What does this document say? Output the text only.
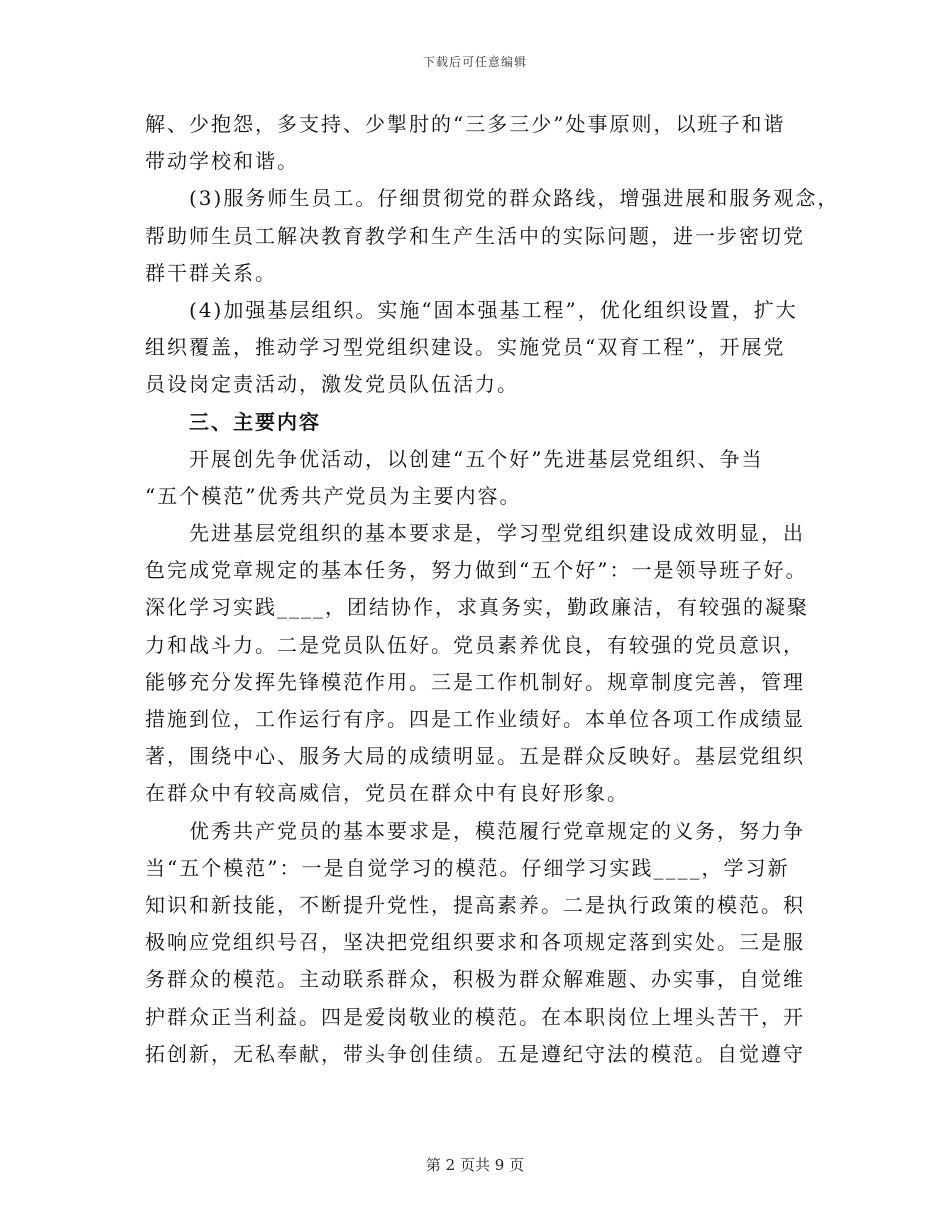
下载后可任意编辑
解、少抱怨，多支持、少掣肘的“三多三少”处事原则，以班子和谐
带动学校和谐。
(3)服务师生员工。仔细贯彻党的群众路线，增强进展和服务观念，
帮助师生员工解决教育教学和生产生活中的实际问题，进一步密切党
群干群关系。
(4)加强基层组织。实施“固本强基工程”，优化组织设置，扩大
组织覆盖，推动学习型党组织建设。实施党员“双育工程”，开展党
员设岗定责活动，激发党员队伍活力。
三、主要内容
开展创先争优活动，以创建“五个好”先进基层党组织、争当
“五个模范”优秀共产党员为主要内容。
先进基层党组织的基本要求是，学习型党组织建设成效明显，出
色完成党章规定的基本任务，努力做到“五个好”：一是领导班子好。
深化学习实践____，团结协作，求真务实，勤政廉洁，有较强的凝聚
力和战斗力。二是党员队伍好。党员素养优良，有较强的党员意识，
能够充分发挥先锋模范作用。三是工作机制好。规章制度完善，管理
措施到位，工作运行有序。四是工作业绩好。本单位各项工作成绩显
著，围绕中心、服务大局的成绩明显。五是群众反映好。基层党组织
在群众中有较高威信，党员在群众中有良好形象。
优秀共产党员的基本要求是，模范履行党章规定的义务，努力争
当“五个模范”：一是自觉学习的模范。仔细学习实践____，学习新
知识和新技能，不断提升党性，提高素养。二是执行政策的模范。积
极响应党组织号召，坚决把党组织要求和各项规定落到实处。三是服
务群众的模范。主动联系群众，积极为群众解难题、办实事，自觉维
护群众正当利益。四是爱岗敬业的模范。在本职岗位上埋头苦干，开
拓创新，无私奉献，带头争创佳绩。五是遵纪守法的模范。自觉遵守
第 2 页共 9 页
